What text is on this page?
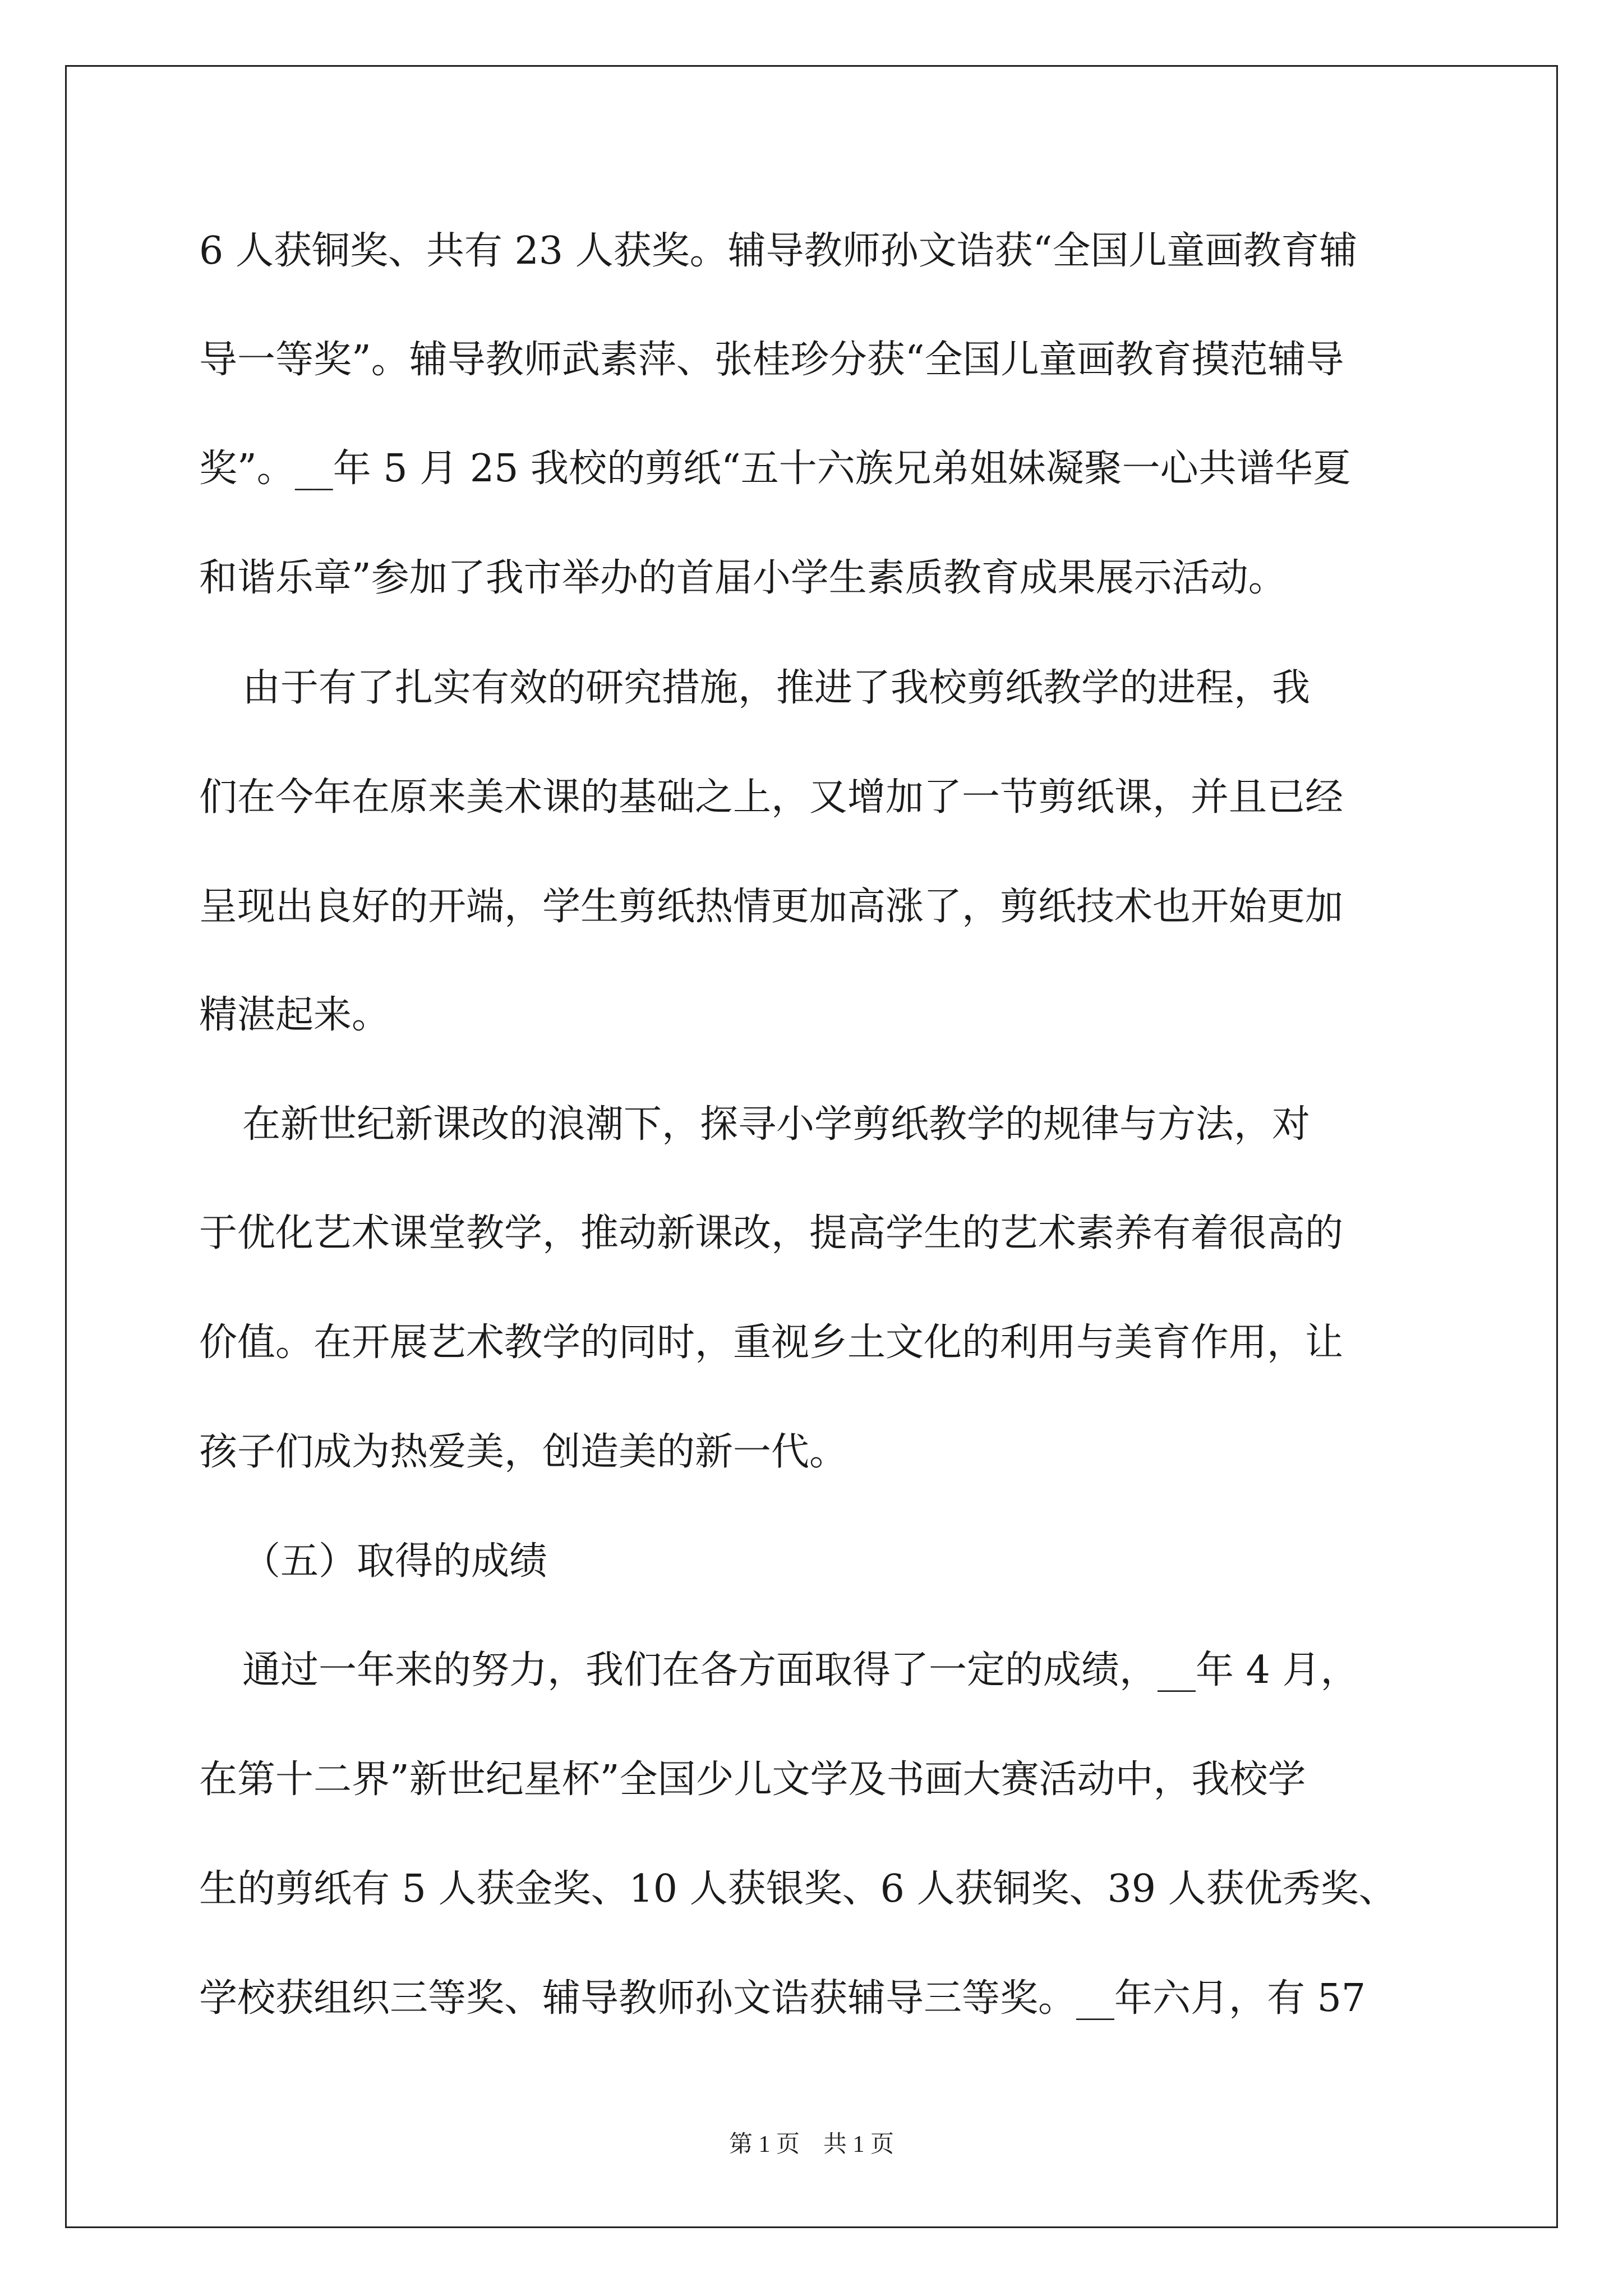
6 人获铜奖、共有 23 人获奖。辅导教师孙文诰获“全国儿童画教育辅
导一等奖”。辅导教师武素萍、张桂珍分获“全国儿童画教育摸范辅导
奖”。__年 5 月 25 我校的剪纸“五十六族兄弟姐妹凝聚一心共谱华夏
和谐乐章”参加了我市举办的首届小学生素质教育成果展示活动。
由于有了扎实有效的研究措施，推进了我校剪纸教学的进程，我
们在今年在原来美术课的基础之上，又增加了一节剪纸课，并且已经
呈现出良好的开端，学生剪纸热情更加高涨了，剪纸技术也开始更加
精湛起来。
在新世纪新课改的浪潮下，探寻小学剪纸教学的规律与方法，对
于优化艺术课堂教学，推动新课改，提高学生的艺术素养有着很高的
价值。在开展艺术教学的同时，重视乡土文化的利用与美育作用，让
孩子们成为热爱美，创造美的新一代。
（五）取得的成绩
通过一年来的努力，我们在各方面取得了一定的成绩，__年 4 月，
在第十二界”新世纪星杯”全国少儿文学及书画大赛活动中，我校学
生的剪纸有 5 人获金奖、10 人获银奖、6 人获铜奖、39 人获优秀奖、
学校获组织三等奖、辅导教师孙文诰获辅导三等奖。__年六月，有 57
第 1 页　共 1 页
